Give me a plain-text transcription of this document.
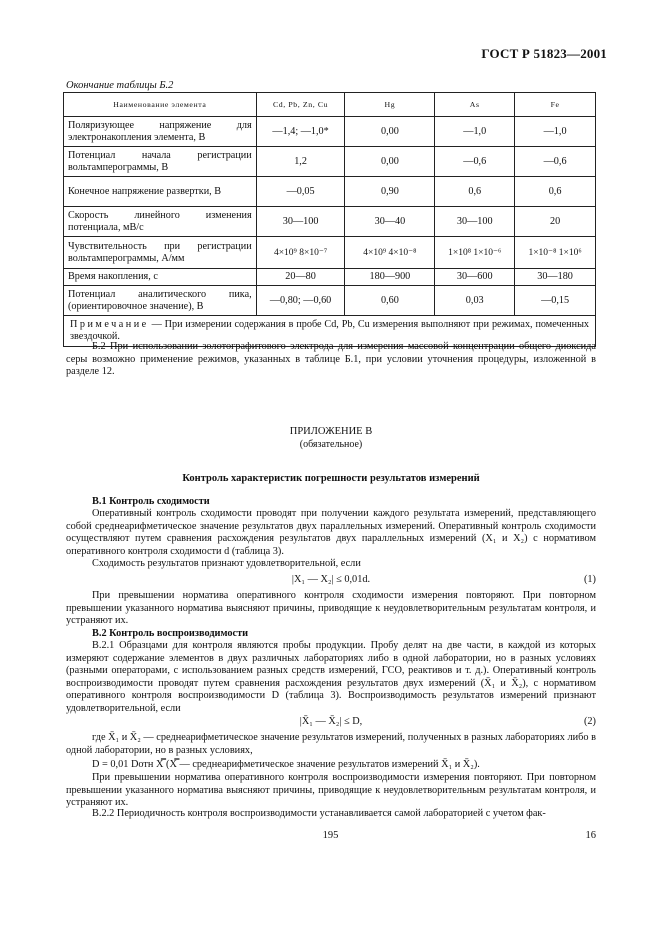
ГОСТ Р 51823—2001
Окончание таблицы Б.2
Наименование элемента	Cd, Pb, Zn, Cu	Hg	As	Fe
Поляризующее напряжение для электронакопления элемента, В	—1,4; —1,0*	0,00	—1,0	—1,0
Потенциал начала регистрации вольтамперограммы, В	1,2	0,00	—0,6	—0,6
Конечное напряжение развертки, В	—0,05	0,90	0,6	0,6
Скорость линейного изменения потенциала, мВ/с	30—100	30—40	30—100	20
Чувствительность при регистрации вольтамперограммы, А/мм	4×10⁹ 8×10⁻⁷	4×10⁹ 4×10⁻⁸	1×10⁸ 1×10⁻⁶	1×10⁻⁸ 1×10⁶
Время накопления, с	20—80	180—900	30—600	30—180
Потенциал аналитического пика, (ориентировочное значение), В	—0,80; —0,60	0,60	0,03	—0,15
Примечание — При измерении содержания в пробе Cd, Pb, Cu измерения выполняют при режимах, помеченных звездочкой.				
Б.2 При использовании золотографитового электрода для измерения массовой концентрации общего диоксида серы возможно применение режимов, указанных в таблице Б.1, при условии уточнения процедуры, изложенной в разделе 12.
ПРИЛОЖЕНИЕ В
(обязательное)
Контроль характеристик погрешности результатов измерений
В.1 Контроль сходимости
Оперативный контроль сходимости проводят при получении каждого результата измерений, представляющего собой среднеарифметическое значение результатов двух параллельных измерений. Оперативный контроль сходимости осуществляют путем сравнения расхождения результатов двух параллельных измерений (X₁ и X₂) с нормативом оперативного контроля сходимости d (таблица 3).
Сходимость результатов признают удовлетворительной, если
|X₁ — X₂| ≤ 0,01d.	(1)
При превышении норматива оперативного контроля сходимости измерения повторяют. При повторном превышении указанного норматива выясняют причины, приводящие к неудовлетворительным результатам контроля, и устраняют их.
В.2 Контроль воспроизводимости
В.2.1 Образцами для контроля являются пробы продукции. Пробу делят на две части, в каждой из которых измеряют содержание элементов в двух различных лабораториях либо в одной лаборатории, но в разных условиях (разными операторами, с использованием разных средств измерений, ГСО, реактивов и т. д.). Оперативный контроль воспроизводимости проводят путем сравнения расхождения результатов двух измерений (X̄₁ и X̄₂), с нормативом оперативного контроля воспроизводимости D (таблица 3). Воспроизводимость результатов измерений признают удовлетворительной, если
|X̄₁ — X̄₂| ≤ D,	(2)
где X̄₁ и X̄₂ — среднеарифметическое значение результатов измерений, полученных в разных лабораториях либо в одной лаборатории, но в разных условиях,
D = 0,01 Dотн X̿ (X̿ — среднеарифметическое значение результатов измерений X̄₁ и X̄₂).
При превышении норматива оперативного контроля воспроизводимости измерения повторяют. При повторном превышении указанного норматива выясняют причины, приводящие к неудовлетворительным результатам контроля, и устраняют их.
В.2.2 Периодичность контроля воспроизводимости устанавливается самой лабораторией с учетом фак-
195	16
